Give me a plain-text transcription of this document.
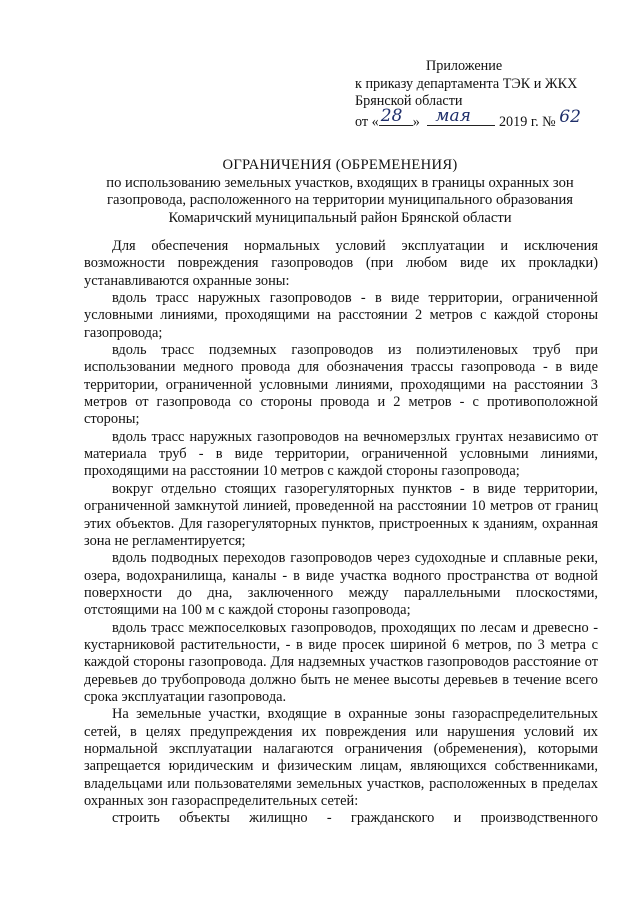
Приложение
к приказу департамента ТЭК и ЖКХ
Брянской области
от « 28 » мая 2019 г. № 62
ОГРАНИЧЕНИЯ (ОБРЕМЕНЕНИЯ)
по использованию земельных участков, входящих в границы охранных зон
газопровода, расположенного на территории муниципального образования
Комаричский муниципальный район Брянской области

Для обеспечения нормальных условий эксплуатации и исключения возможности повреждения газопроводов (при любом виде их прокладки) устанавливаются охранные зоны:

вдоль трасс наружных газопроводов - в виде территории, ограниченной условными линиями, проходящими на расстоянии 2 метров с каждой стороны газопровода;

вдоль трасс подземных газопроводов из полиэтиленовых труб при использовании медного провода для обозначения трассы газопровода - в виде территории, ограниченной условными линиями, проходящими на расстоянии 3 метров от газопровода со стороны провода и 2 метров - с противоположной стороны;

вдоль трасс наружных газопроводов на вечномерзлых грунтах независимо от материала труб - в виде территории, ограниченной условными линиями, проходящими на расстоянии 10 метров с каждой стороны газопровода;

вокруг отдельно стоящих газорегуляторных пунктов - в виде территории, ограниченной замкнутой линией, проведенной на расстоянии 10 метров от границ этих объектов. Для газорегуляторных пунктов, пристроенных к зданиям, охранная зона не регламентируется;

вдоль подводных переходов газопроводов через судоходные и сплавные реки, озера, водохранилища, каналы - в виде участка водного пространства от водной поверхности до дна, заключенного между параллельными плоскостями, отстоящими на 100 м с каждой стороны газопровода;

вдоль трасс межпоселковых газопроводов, проходящих по лесам и древесно - кустарниковой растительности, - в виде просек шириной 6 метров, по 3 метра с каждой стороны газопровода. Для надземных участков газопроводов расстояние от деревьев до трубопровода должно быть не менее высоты деревьев в течение всего срока эксплуатации газопровода.

На земельные участки, входящие в охранные зоны газораспределительных сетей, в целях предупреждения их повреждения или нарушения условий их нормальной эксплуатации налагаются ограничения (обременения), которыми запрещается юридическим и физическим лицам, являющихся собственниками, владельцами или пользователями земельных участков, расположенных в пределах охранных зон газораспределительных сетей:

строить объекты жилищно - гражданского и производственного
